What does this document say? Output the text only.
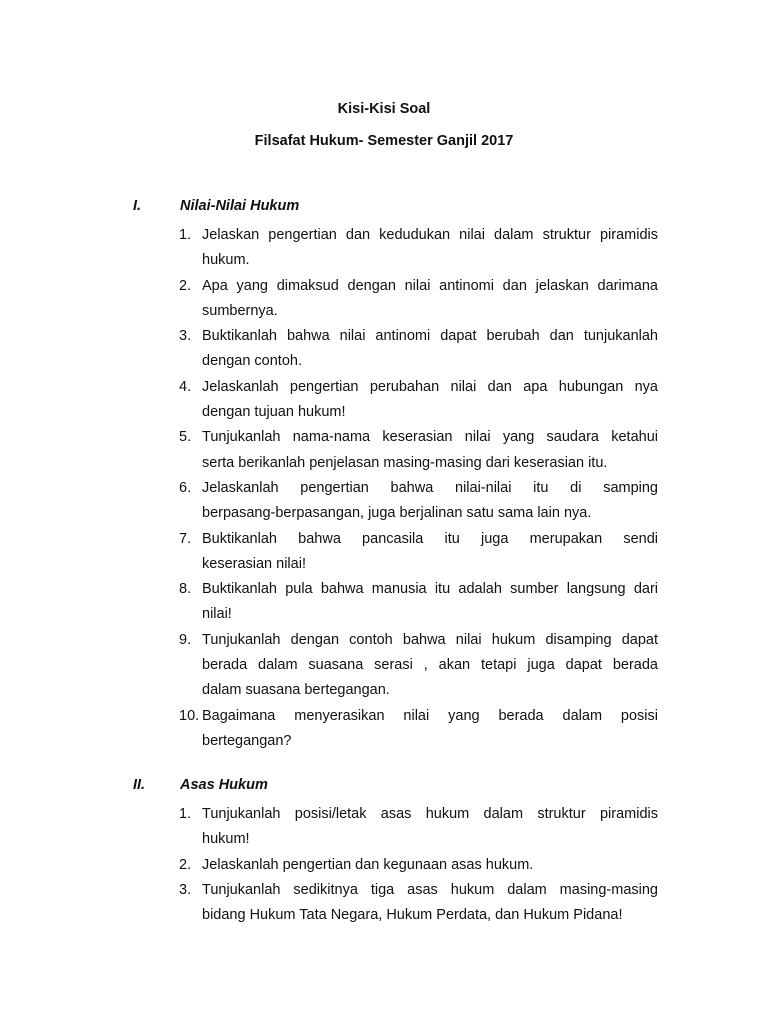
Kisi-Kisi Soal
Filsafat Hukum- Semester Ganjil 2017
I.	Nilai-Nilai Hukum
1. Jelaskan pengertian dan kedudukan nilai dalam struktur piramidis
hukum.
2. Apa yang dimaksud dengan nilai antinomi dan jelaskan darimana
sumbernya.
3. Buktikanlah bahwa nilai antinomi dapat berubah dan tunjukanlah
dengan contoh.
4. Jelaskanlah pengertian perubahan nilai dan apa hubungan nya
dengan tujuan hukum!
5. Tunjukanlah nama-nama keserasian nilai yang saudara ketahui
serta berikanlah penjelasan masing-masing dari keserasian itu.
6. Jelaskanlah pengertian bahwa nilai-nilai itu di samping
berpasang-berpasangan, juga berjalinan satu sama lain nya.
7. Buktikanlah bahwa pancasila itu juga merupakan sendi
keserasian nilai!
8. Buktikanlah pula bahwa manusia itu adalah sumber langsung dari
nilai!
9. Tunjukanlah dengan contoh bahwa nilai hukum disamping dapat
berada dalam suasana serasi , akan tetapi juga dapat berada
dalam suasana bertegangan.
10. Bagaimana menyerasikan nilai yang berada dalam posisi
bertegangan?
II. Asas Hukum
1. Tunjukanlah posisi/letak asas hukum dalam struktur piramidis
hukum!
2. Jelaskanlah pengertian dan kegunaan asas hukum.
3. Tunjukanlah sedikitnya tiga asas hukum dalam masing-masing
bidang Hukum Tata Negara, Hukum Perdata, dan Hukum Pidana!
